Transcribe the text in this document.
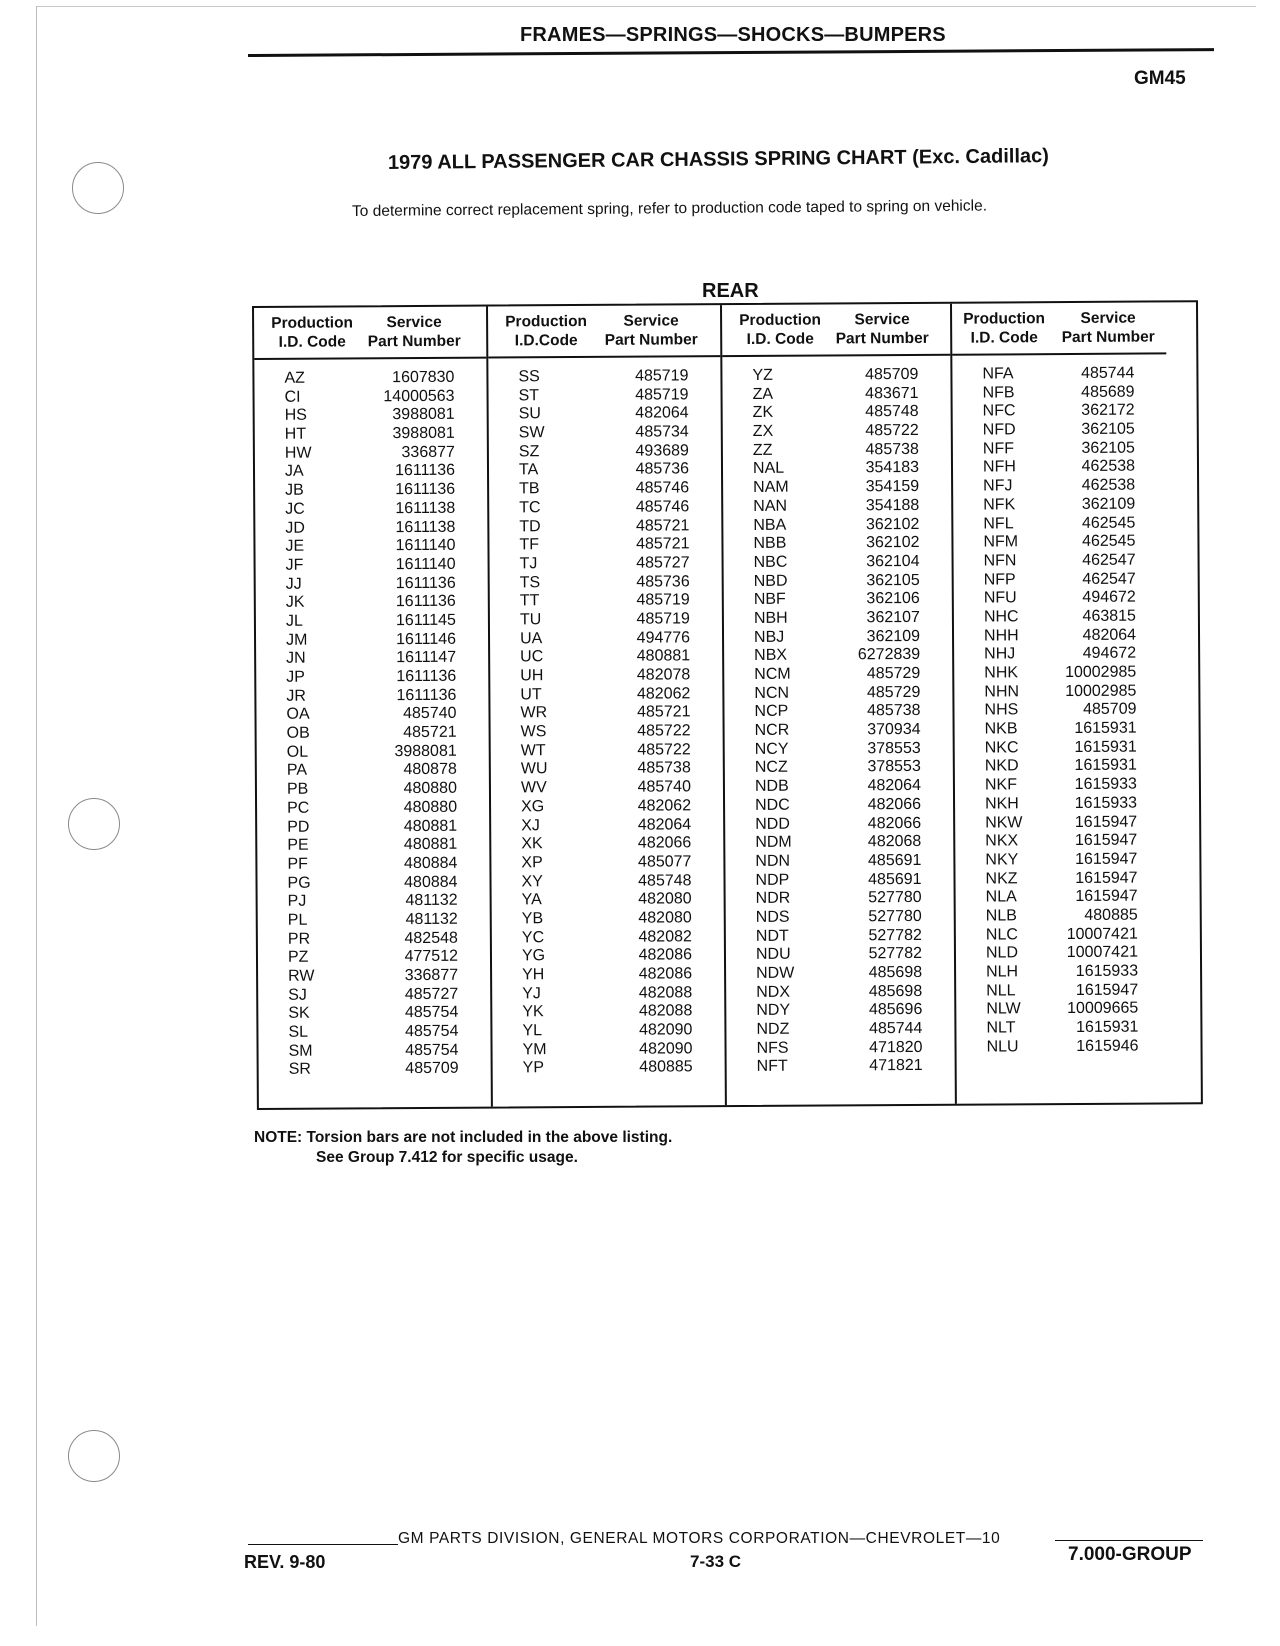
FRAMES—SPRINGS—SHOCKS—BUMPERS
GM45
1979 ALL PASSENGER CAR CHASSIS SPRING CHART (Exc. Cadillac)
To determine correct replacement spring, refer to production code taped to spring on vehicle.
REAR
Production
I.D. Code
Service
Part Number
AZ	1607830
CI	14000563
HS	3988081
HT	3988081
HW	336877
JA	1611136
JB	1611136
JC	1611138
JD	1611138
JE	1611140
JF	1611140
JJ	1611136
JK	1611136
JL	1611145
JM	1611146
JN	1611147
JP	1611136
JR	1611136
OA	485740
OB	485721
OL	3988081
PA	480878
PB	480880
PC	480880
PD	480881
PE	480881
PF	480884
PG	480884
PJ	481132
PL	481132
PR	482548
PZ	477512
RW	336877
SJ	485727
SK	485754
SL	485754
SM	485754
SR	485709
Production
I.D.Code
Service
Part Number
SS	485719
ST	485719
SU	482064
SW	485734
SZ	493689
TA	485736
TB	485746
TC	485746
TD	485721
TF	485721
TJ	485727
TS	485736
TT	485719
TU	485719
UA	494776
UC	480881
UH	482078
UT	482062
WR	485721
WS	485722
WT	485722
WU	485738
WV	485740
XG	482062
XJ	482064
XK	482066
XP	485077
XY	485748
YA	482080
YB	482080
YC	482082
YG	482086
YH	482086
YJ	482088
YK	482088
YL	482090
YM	482090
YP	480885
Production
I.D. Code
Service
Part Number
YZ	485709
ZA	483671
ZK	485748
ZX	485722
ZZ	485738
NAL	354183
NAM	354159
NAN	354188
NBA	362102
NBB	362102
NBC	362104
NBD	362105
NBF	362106
NBH	362107
NBJ	362109
NBX	6272839
NCM	485729
NCN	485729
NCP	485738
NCR	370934
NCY	378553
NCZ	378553
NDB	482064
NDC	482066
NDD	482066
NDM	482068
NDN	485691
NDP	485691
NDR	527780
NDS	527780
NDT	527782
NDU	527782
NDW	485698
NDX	485698
NDY	485696
NDZ	485744
NFS	471820
NFT	471821
Production
I.D. Code
Service
Part Number
NFA	485744
NFB	485689
NFC	362172
NFD	362105
NFF	362105
NFH	462538
NFJ	462538
NFK	362109
NFL	462545
NFM	462545
NFN	462547
NFP	462547
NFU	494672
NHC	463815
NHH	482064
NHJ	494672
NHK	10002985
NHN	10002985
NHS	485709
NKB	1615931
NKC	1615931
NKD	1615931
NKF	1615933
NKH	1615933
NKW	1615947
NKX	1615947
NKY	1615947
NKZ	1615947
NLA	1615947
NLB	480885
NLC	10007421
NLD	10007421
NLH	1615933
NLL	1615947
NLW	10009665
NLT	1615931
NLU	1615946
NOTE: Torsion bars are not included in the above listing.
See Group 7.412 for specific usage.
GM PARTS DIVISION, GENERAL MOTORS CORPORATION—CHEVROLET—10
REV. 9-80	7-33 C	7.000-GROUP
